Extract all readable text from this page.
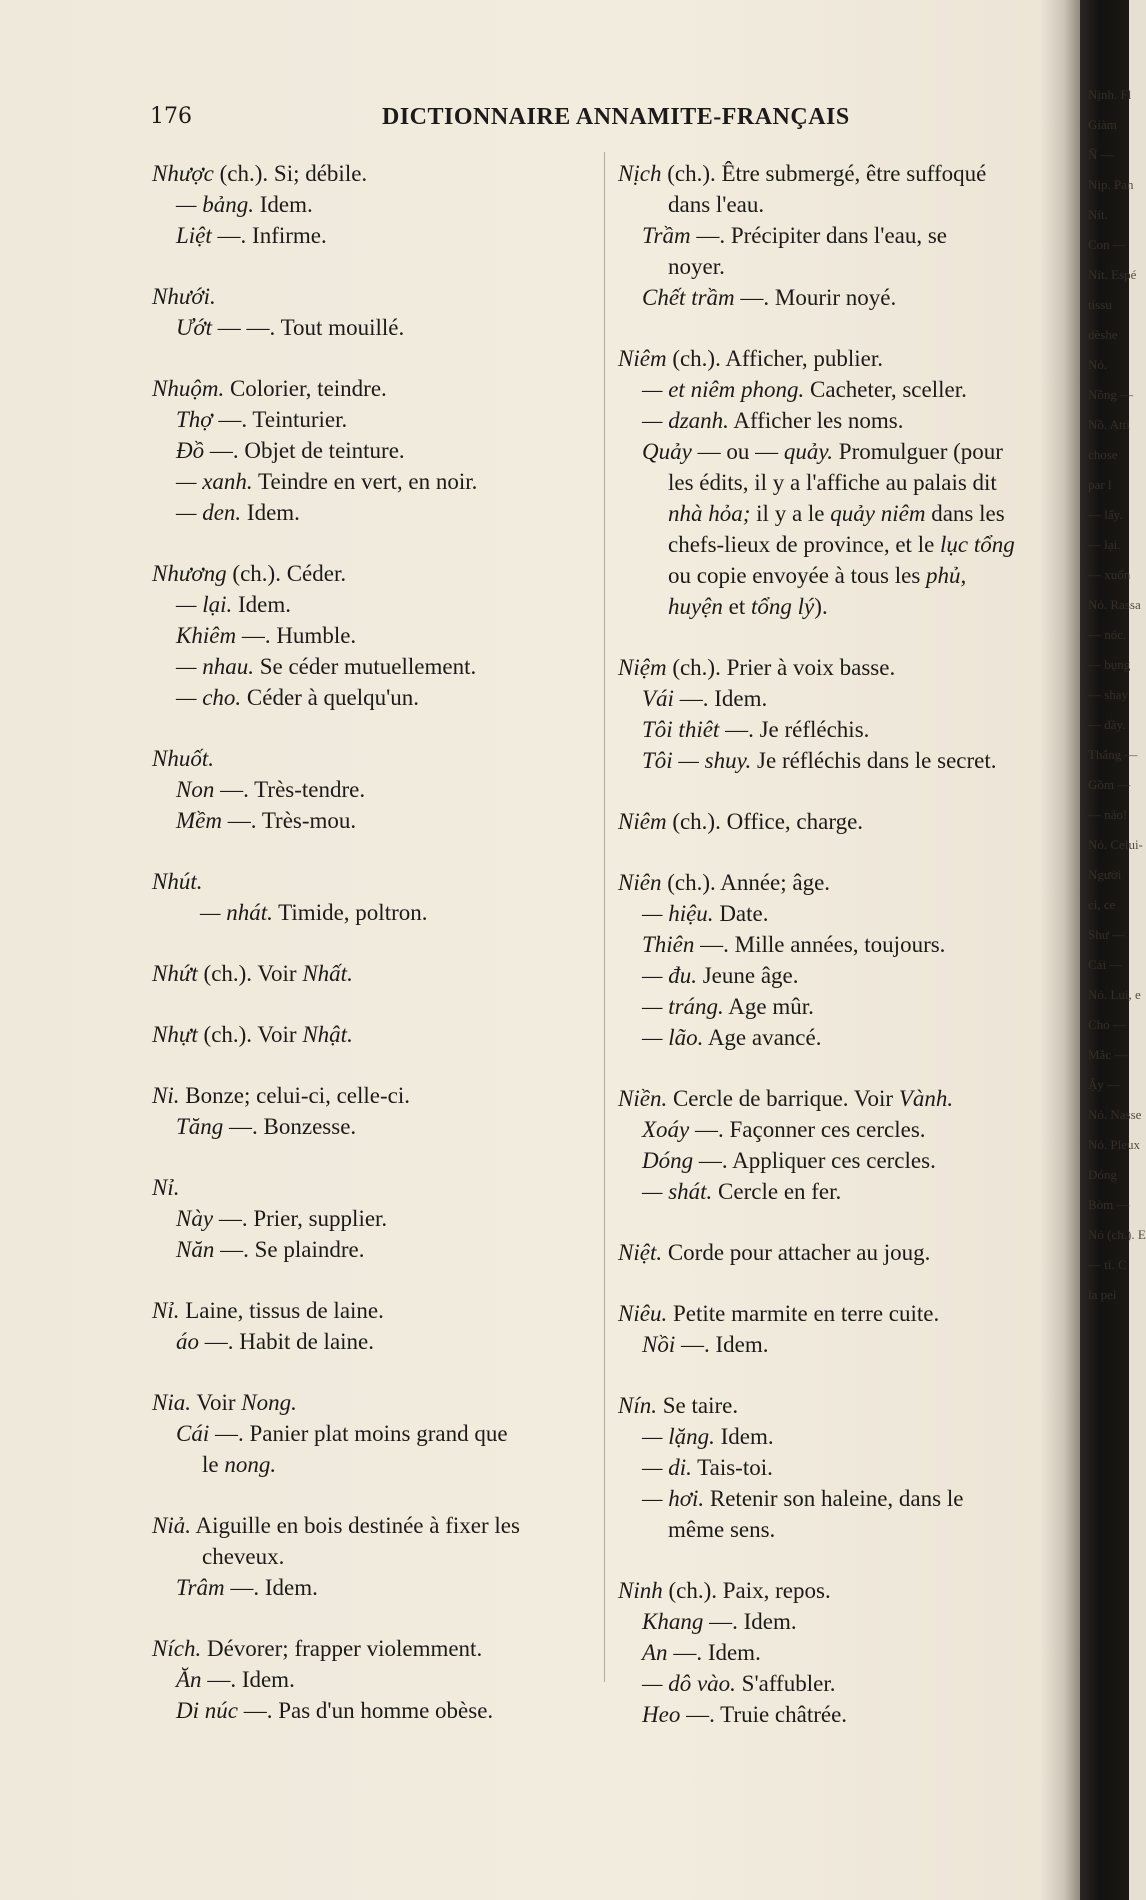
176	DICTIONNAIRE ANNAMITE-FRANÇAIS
Nhược (ch.). Si; débile.
— bảng. Idem.
Liệt —. Infirme.
Nhưới.
Ướt — —. Tout mouillé.
Nhuộm. Colorier, teindre.
Thợ —. Teinturier.
Đồ —. Objet de teinture.
— xanh. Teindre en vert, en noir.
— den. Idem.
Nhương (ch.). Céder.
— lại. Idem.
Khiêm —. Humble.
— nhau. Se céder mutuellement.
— cho. Céder à quelqu'un.
Nhuốt.
Non —. Très-tendre.
Mềm —. Très-mou.
Nhút.
— nhát. Timide, poltron.
Nhứt (ch.). Voir Nhất.
Nhựt (ch.). Voir Nhật.
Ni. Bonze; celui-ci, celle-ci.
Tăng —. Bonzesse.
Nỉ.
Này —. Prier, supplier.
Năn —. Se plaindre.
Nỉ. Laine, tissus de laine.
áo —. Habit de laine.
Nia. Voir Nong.
Cái —. Panier plat moins grand que
le nong.
Niả. Aiguille en bois destinée à fixer les
cheveux.
Trâm —. Idem.
Ních. Dévorer; frapper violemment.
Ăn —. Idem.
Di núc —. Pas d'un homme obèse.
Nịch (ch.). Être submergé, être suffoqué
dans l'eau.
Trầm —. Précipiter dans l'eau, se
noyer.
Chết trầm —. Mourir noyé.
Niêm (ch.). Afficher, publier.
— et niêm phong. Cacheter, sceller.
— dzanh. Afficher les noms.
Quảy — ou — quảy. Promulguer (pour
les édits, il y a l'affiche au palais dit
nhà hỏa; il y a le quảy niêm dans les
chefs-lieux de province, et le lục tổng
ou copie envoyée à tous les phủ,
huyện et tổng lý).
Niệm (ch.). Prier à voix basse.
Vái —. Idem.
Tôi thiêt —. Je réfléchis.
Tôi — shuy. Je réfléchis dans le secret.
Niêm (ch.). Office, charge.
Niên (ch.). Année; âge.
— hiệu. Date.
Thiên —. Mille années, toujours.
— đu. Jeune âge.
— tráng. Age mûr.
— lão. Age avancé.
Niền. Cercle de barrique. Voir Vành.
Xoáy —. Façonner ces cercles.
Dóng —. Appliquer ces cercles.
— shát. Cercle en fer.
Niệt. Corde pour attacher au joug.
Niêu. Petite marmite en terre cuite.
Nồi —. Idem.
Nín. Se taire.
— lặng. Idem.
— di. Tais-toi.
— hơi. Retenir son haleine, dans le
même sens.
Ninh (ch.). Paix, repos.
Khang —. Idem.
An —. Idem.
— dô vào. S'affubler.
Heo —. Truie châtrée.
Nịnh. Fl
Giàm
Ñ —
Nịp. Pan
Nít.
Con —
Nít. Espé
tissu
dèshe
Nỏ.
Nồng —
Nồ. Atti
chose
par l
— lấy.
— lại.
— xuổn
Nỏ. Rassa
— nóc.
— bụng
— shay
— đầy.
Thắng —
Gồm —
— nảo!
Nỏ. Celui-
Người
ci, ce
Shư —
Cái —
Nỏ. Lui, e
Cho —
Mắc —
Ậy —
Nỏ. Nasse
Nỏ. Pleux
Dóng
Bòm —
Nỏ (ch.). E
— ti. C
la pei
